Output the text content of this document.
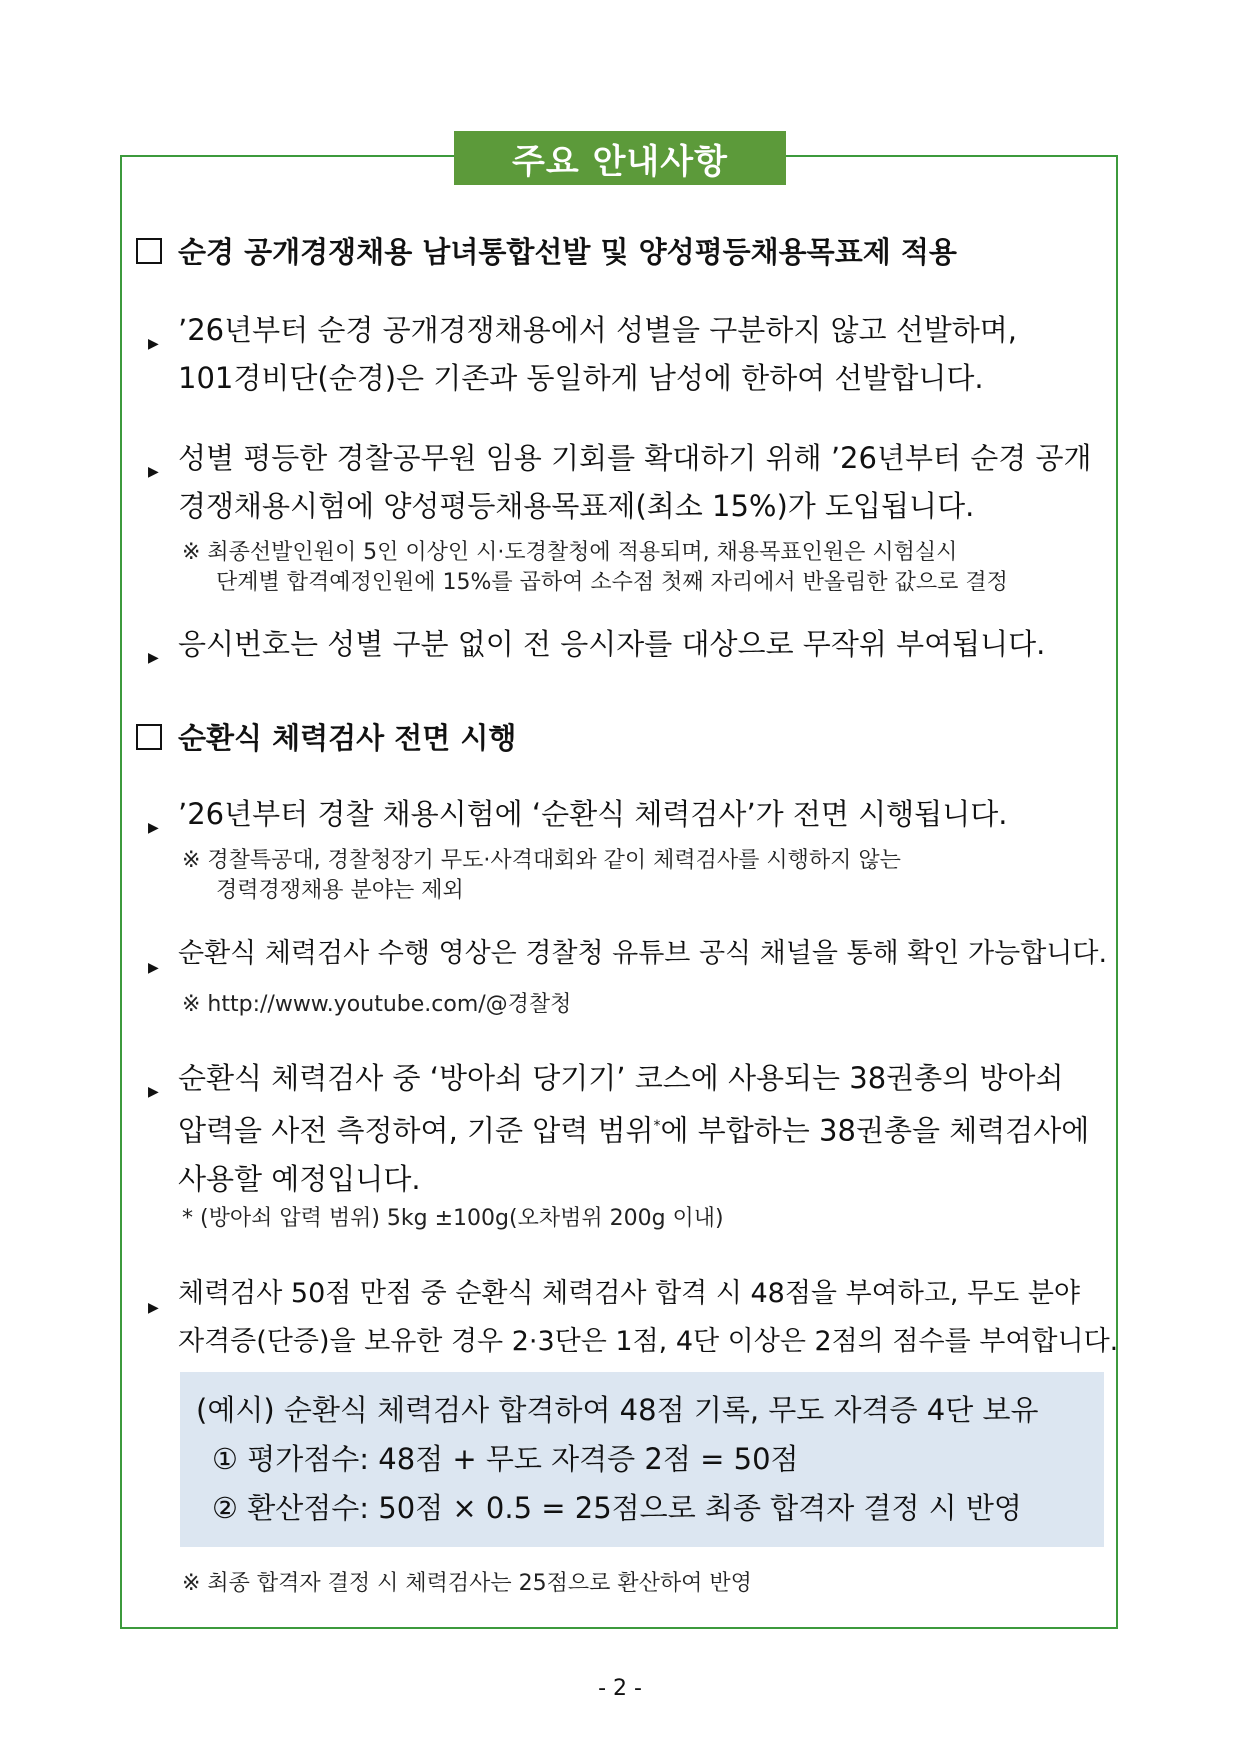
주요 안내사항
순경 공개경쟁채용 남녀통합선발 및 양성평등채용목표제 적용
▶ ’26년부터 순경 공개경쟁채용에서 성별을 구분하지 않고 선발하며,
101경비단(순경)은 기존과 동일하게 남성에 한하여 선발합니다.
▶ 성별 평등한 경찰공무원 임용 기회를 확대하기 위해 ’26년부터 순경 공개
경쟁채용시험에 양성평등채용목표제(최소 15%)가 도입됩니다.
※ 최종선발인원이 5인 이상인 시·도경찰청에 적용되며, 채용목표인원은 시험실시
단계별 합격예정인원에 15%를 곱하여 소수점 첫째 자리에서 반올림한 값으로 결정
▶ 응시번호는 성별 구분 없이 전 응시자를 대상으로 무작위 부여됩니다.
순환식 체력검사 전면 시행
▶ ’26년부터 경찰 채용시험에 ‘순환식 체력검사’가 전면 시행됩니다.
※ 경찰특공대, 경찰청장기 무도·사격대회와 같이 체력검사를 시행하지 않는
경력경쟁채용 분야는 제외
▶ 순환식 체력검사 수행 영상은 경찰청 유튜브 공식 채널을 통해 확인 가능합니다.
※ http://www.youtube.com/@경찰청
▶ 순환식 체력검사 중 ‘방아쇠 당기기’ 코스에 사용되는 38권총의 방아쇠
압력을 사전 측정하여, 기준 압력 범위*에 부합하는 38권총을 체력검사에
사용할 예정입니다.
* (방아쇠 압력 범위) 5kg ±100g(오차범위 200g 이내)
▶ 체력검사 50점 만점 중 순환식 체력검사 합격 시 48점을 부여하고, 무도 분야
자격증(단증)을 보유한 경우 2·3단은 1점, 4단 이상은 2점의 점수를 부여합니다.
(예시) 순환식 체력검사 합격하여 48점 기록, 무도 자격증 4단 보유
① 평가점수: 48점 + 무도 자격증 2점 = 50점
② 환산점수: 50점 × 0.5 = 25점으로 최종 합격자 결정 시 반영
※ 최종 합격자 결정 시 체력검사는 25점으로 환산하여 반영
- 2 -
